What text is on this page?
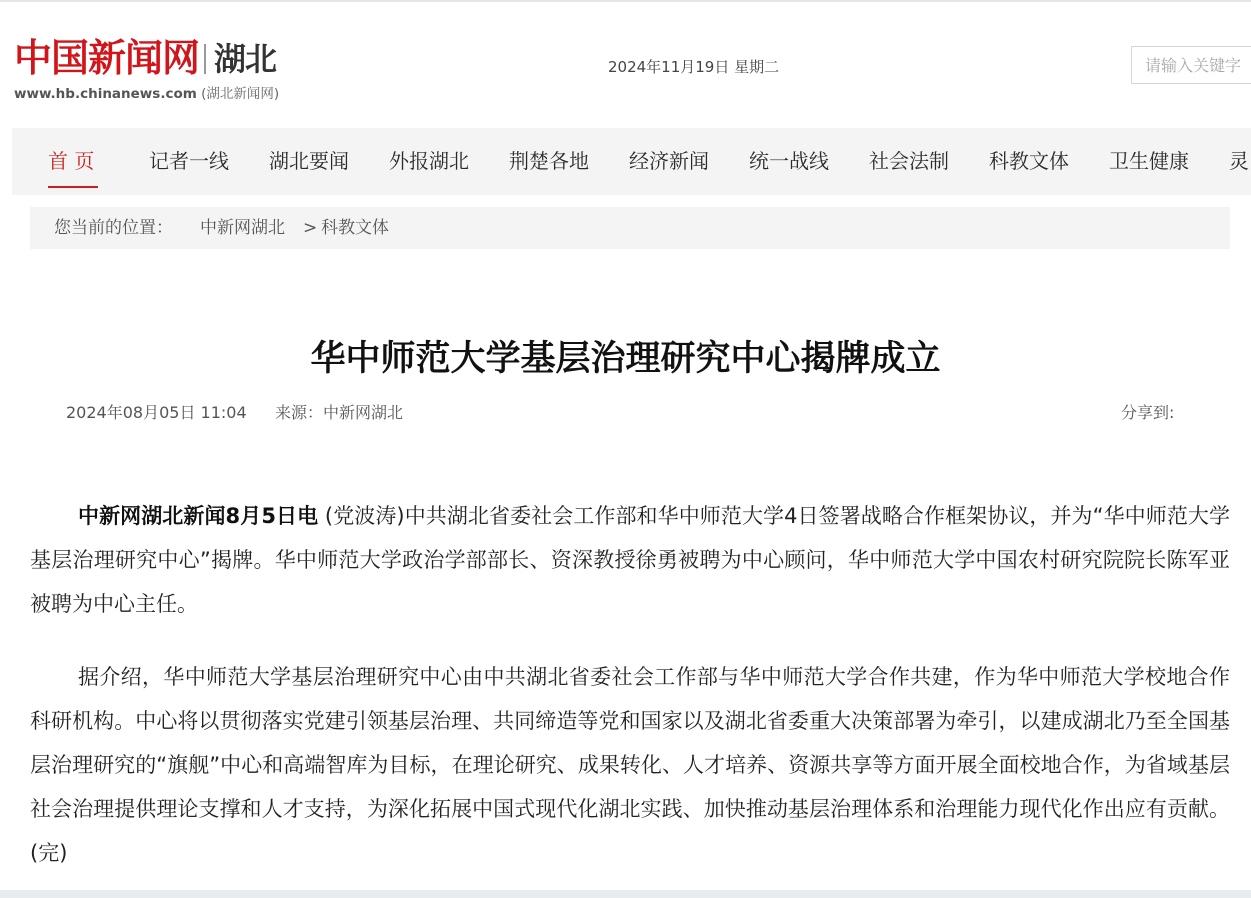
中国新闻网 湖北
www.hb.chinanews.com (湖北新闻网)
2024年11月19日 星期二
请输入关键字
首 页	记者一线 湖北要闻 外报湖北 荆楚各地 经济新闻 统一战线 社会法制 科教文体 卫生健康 灵
您当前的位置： 中新网湖北 > 科教文体
华中师范大学基层治理研究中心揭牌成立
2024年08月05日 11:04 来源：中新网湖北	分享到:

中新网湖北新闻8月5日电 (党波涛)中共湖北省委社会工作部和华中师范大学4日签署战略合作框架协议，并为“华中师范大学基层治理研究中心”揭牌。华中师范大学政治学部部长、资深教授徐勇被聘为中心顾问，华中师范大学中国农村研究院院长陈军亚被聘为中心主任。

据介绍，华中师范大学基层治理研究中心由中共湖北省委社会工作部与华中师范大学合作共建，作为华中师范大学校地合作科研机构。中心将以贯彻落实党建引领基层治理、共同缔造等党和国家以及湖北省委重大决策部署为牵引，以建成湖北乃至全国基层治理研究的“旗舰”中心和高端智库为目标，在理论研究、成果转化、人才培养、资源共享等方面开展全面校地合作，为省域基层社会治理提供理论支撑和人才支持，为深化拓展中国式现代化湖北实践、加快推动基层治理体系和治理能力现代化作出应有贡献。(完)
